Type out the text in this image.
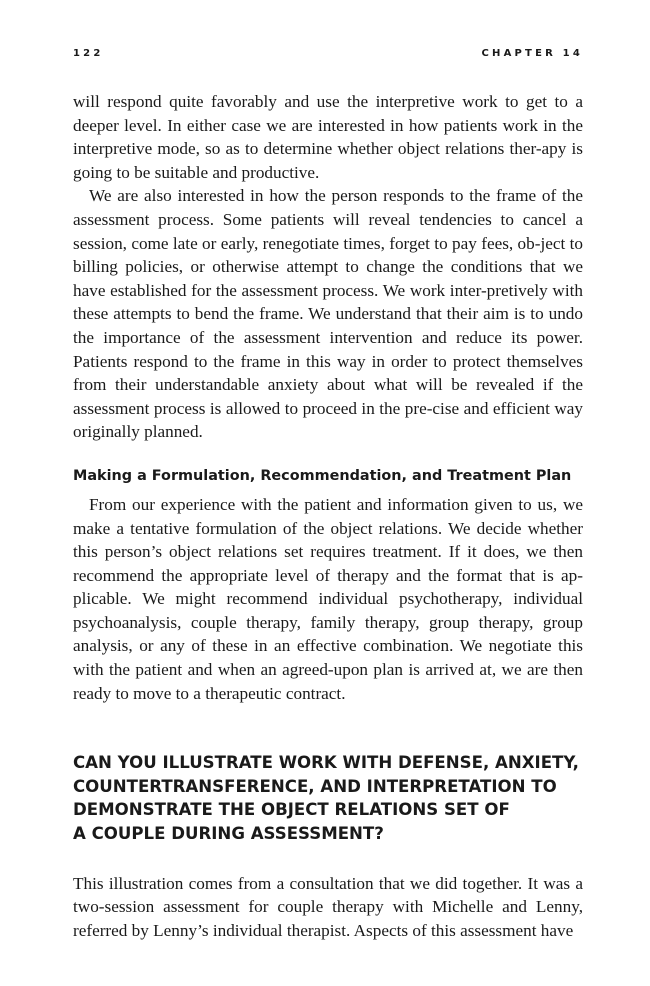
122	CHAPTER 14

will respond quite favorably and use the interpretive work to get to a deeper level. In either case we are interested in how patients work in the interpretive mode, so as to determine whether object relations ther-apy is going to be suitable and productive.

We are also interested in how the person responds to the frame of the assessment process. Some patients will reveal tendencies to cancel a session, come late or early, renegotiate times, forget to pay fees, ob-ject to billing policies, or otherwise attempt to change the conditions that we have established for the assessment process. We work inter-pretively with these attempts to bend the frame. We understand that their aim is to undo the importance of the assessment intervention and reduce its power. Patients respond to the frame in this way in order to protect themselves from their understandable anxiety about what will be revealed if the assessment process is allowed to proceed in the pre-cise and efficient way originally planned.

Making a Formulation, Recommendation, and Treatment Plan

From our experience with the patient and information given to us, we make a tentative formulation of the object relations. We decide whether this person’s object relations set requires treatment. If it does, we then recommend the appropriate level of therapy and the format that is ap-plicable. We might recommend individual psychotherapy, individual psychoanalysis, couple therapy, family therapy, group therapy, group analysis, or any of these in an effective combination. We negotiate this with the patient and when an agreed-upon plan is arrived at, we are then ready to move to a therapeutic contract.

CAN YOU ILLUSTRATE WORK WITH DEFENSE, ANXIETY,
COUNTERTRANSFERENCE, AND INTERPRETATION TO
DEMONSTRATE THE OBJECT RELATIONS SET OF
A COUPLE DURING ASSESSMENT?

This illustration comes from a consultation that we did together. It was a two-session assessment for couple therapy with Michelle and Lenny, referred by Lenny’s individual therapist. Aspects of this assessment have
